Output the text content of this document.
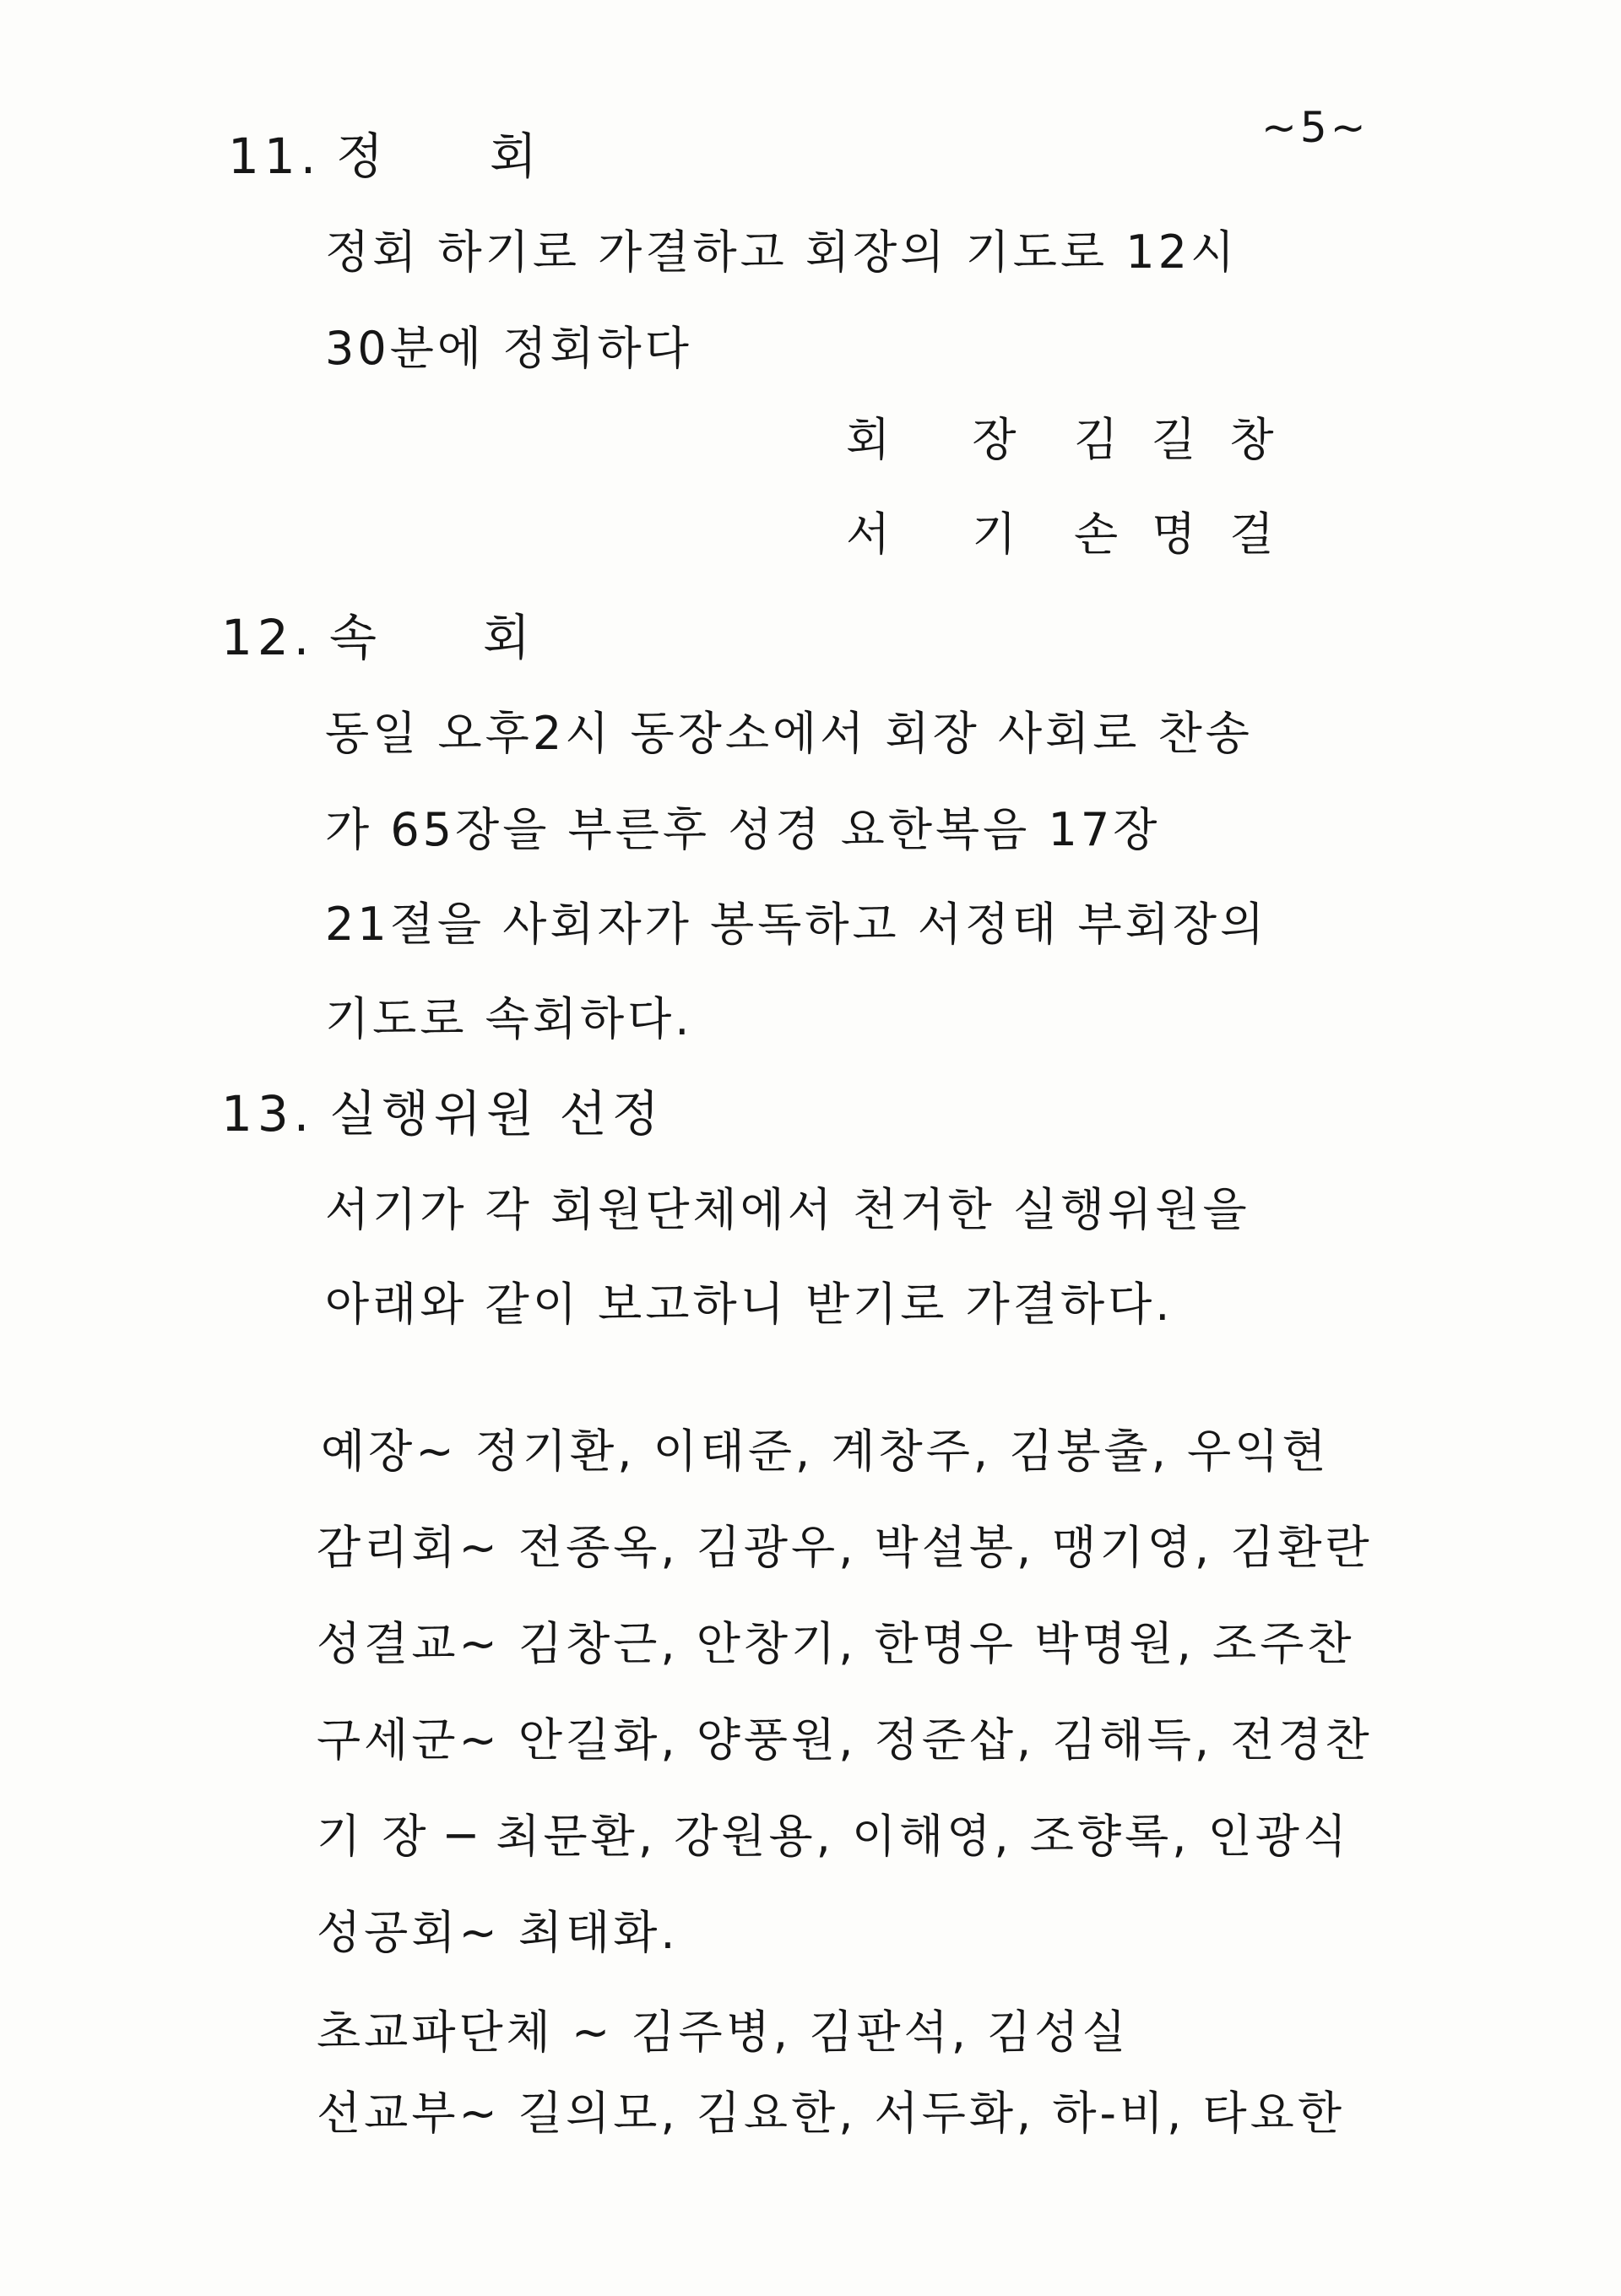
~5~
11. 정 회
정회 하기로 가결하고 회장의 기도로 12시
30분에 정회하다
회 장 김길창
서 기 손명걸
12. 속 회
동일 오후2시 동장소에서 회장 사회로 찬송
가 65장을 부른후 성경 요한복음 17장
21절을 사회자가 봉독하고 서정태 부회장의
기도로 속회하다.
13. 실행위원 선정
서기가 각 회원단체에서 천거한 실행위원을
아래와 같이 보고하니 받기로 가결하다.
예장~ 정기환, 이태준, 계창주, 김봉출, 우익현
감리회~ 전종옥, 김광우, 박설봉, 맹기영, 김환란
성결교~ 김창근, 안창기, 한명우 박명원, 조주찬
구세군~ 안길화, 양풍원, 정준삽, 김해득, 전경찬
기 장 ─ 최문환, 강원용, 이해영, 조향록, 인광식
성공회~ 최태화.
초교파단체 ~ 김주병, 김판석, 김성실
선교부~ 길의모, 김요한, 서두화, 하-비, 타요한
